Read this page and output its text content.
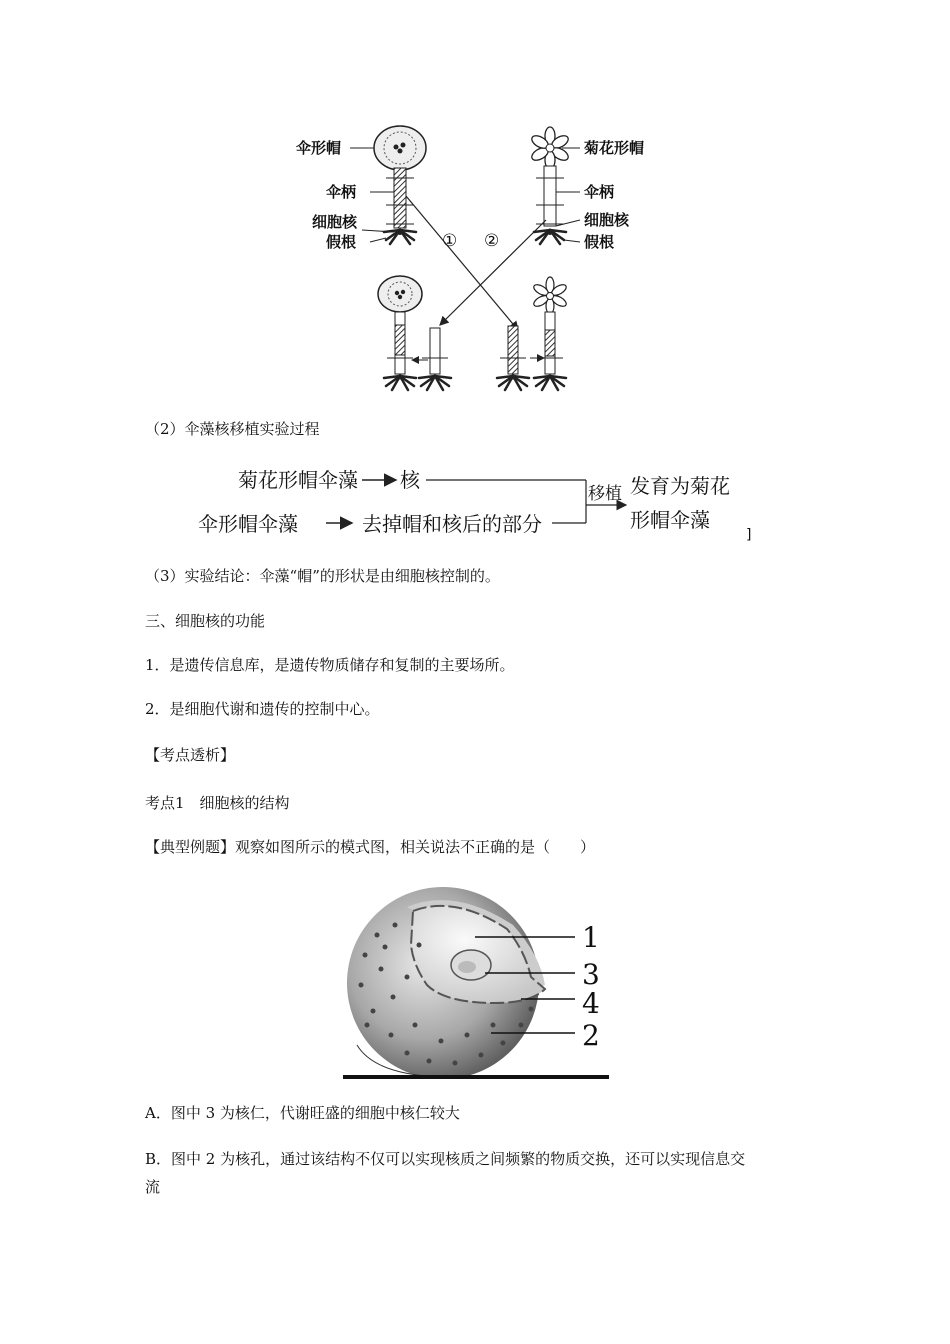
伞形帽
伞柄
细胞核
假根
菊花形帽
伞柄
细胞核
假根
① ②
（2）伞藻核移植实验过程
菊花形帽伞藻 核
伞形帽伞藻	去掉帽和核后的部分
移植 发育为菊花
形帽伞藻
]
（3）实验结论：伞藻“帽”的形状是由细胞核控制的。
三、细胞核的功能
1．是遗传信息库，是遗传物质储存和复制的主要场所。
2．是细胞代谢和遗传的控制中心。
【考点透析】
考点1　细胞核的结构
【典型例题】观察如图所示的模式图，相关说法不正确的是（　　）
1
3
4
2
A．图中 3 为核仁，代谢旺盛的细胞中核仁较大
B．图中 2 为核孔，通过该结构不仅可以实现核质之间频繁的物质交换，还可以实现信息交
流
